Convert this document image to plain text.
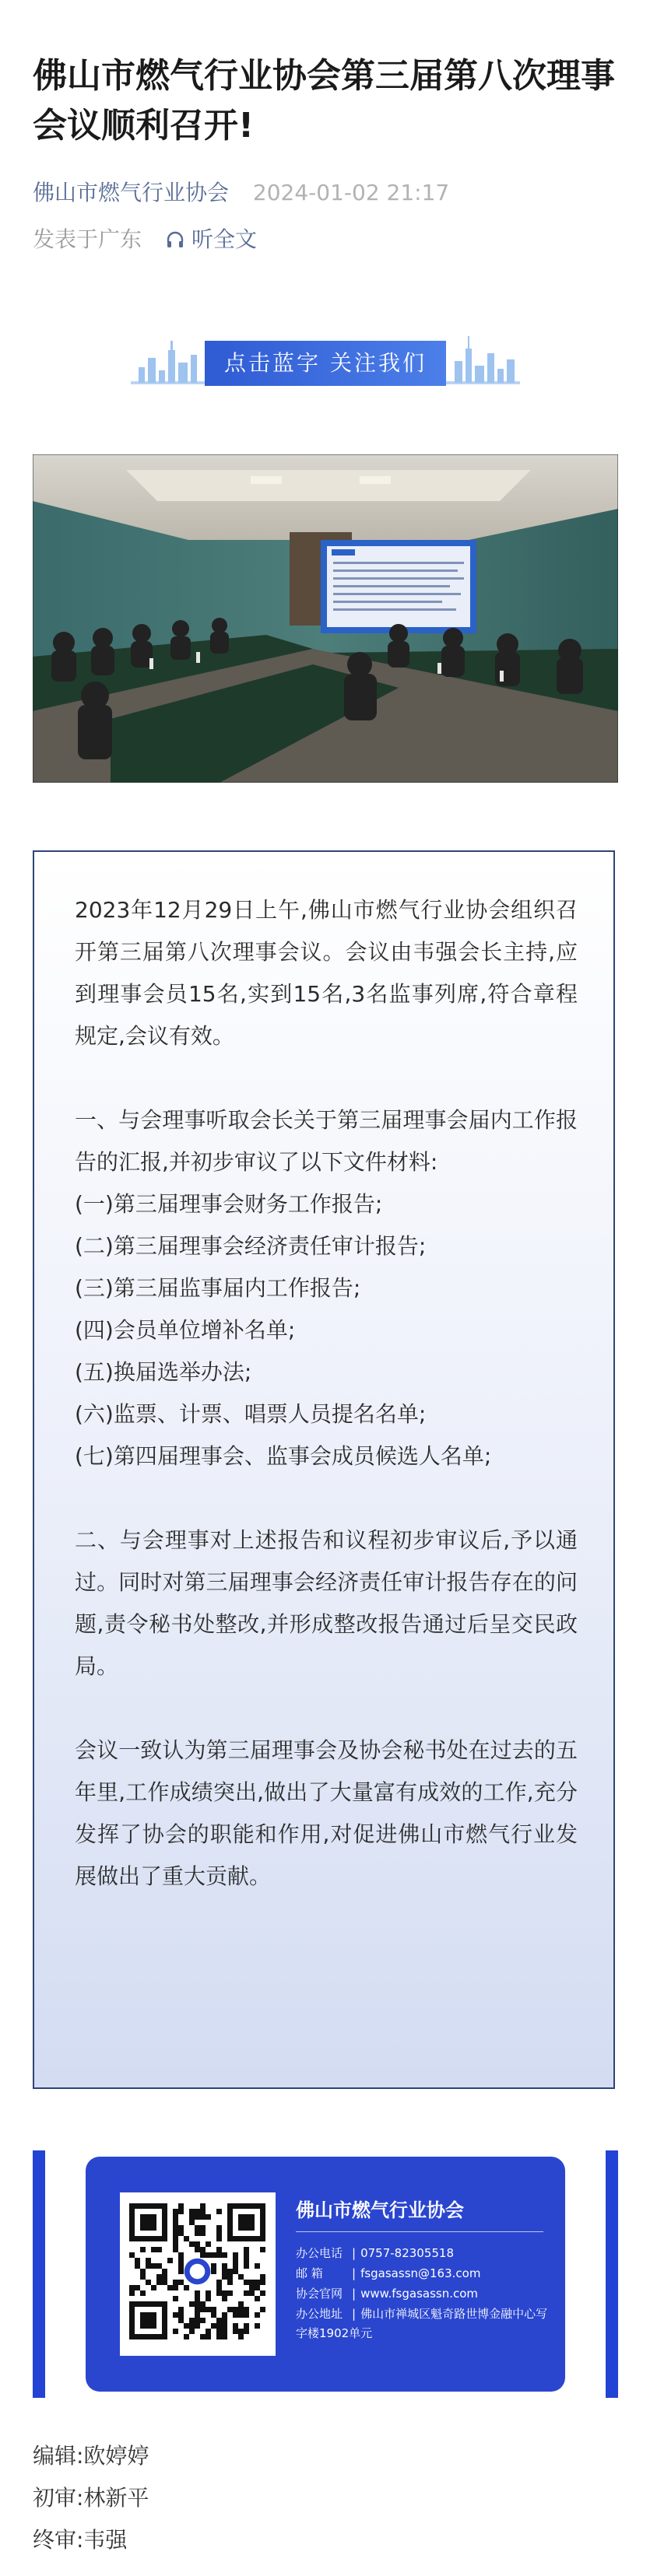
佛山市燃气行业协会第三届第八次理事会议顺利召开!
佛山市燃气行业协会 2024-01-02 21:17
发表于广东 听全文
点击蓝字 关注我们

2023年12月29日上午,佛山市燃气行业协会组织召开第三届第八次理事会议。会议由韦强会长主持,应到理事会员15名,实到15名,3名监事列席,符合章程规定,会议有效。

一、与会理事听取会长关于第三届理事会届内工作报告的汇报,并初步审议了以下文件材料:

(一)第三届理事会财务工作报告;

(二)第三届理事会经济责任审计报告;

(三)第三届监事届内工作报告;

(四)会员单位增补名单;

(五)换届选举办法;

(六)监票、计票、唱票人员提名名单;

(七)第四届理事会、监事会成员候选人名单;

二、与会理事对上述报告和议程初步审议后,予以通过。同时对第三届理事会经济责任审计报告存在的问题,责令秘书处整改,并形成整改报告通过后呈交民政局。

会议一致认为第三届理事会及协会秘书处在过去的五年里,工作成绩突出,做出了大量富有成效的工作,充分发挥了协会的职能和作用,对促进佛山市燃气行业发展做出了重大贡献。

佛山市燃气行业协会
办公电话 | 0757-82305518
邮 箱 | fsgasassn@163.com
协会官网 | www.fsgasassn.com
办公地址 | 佛山市禅城区魁奇路世博金融中心写字楼1902单元
编辑:欧婷婷
初审:林新平
终审:韦强
